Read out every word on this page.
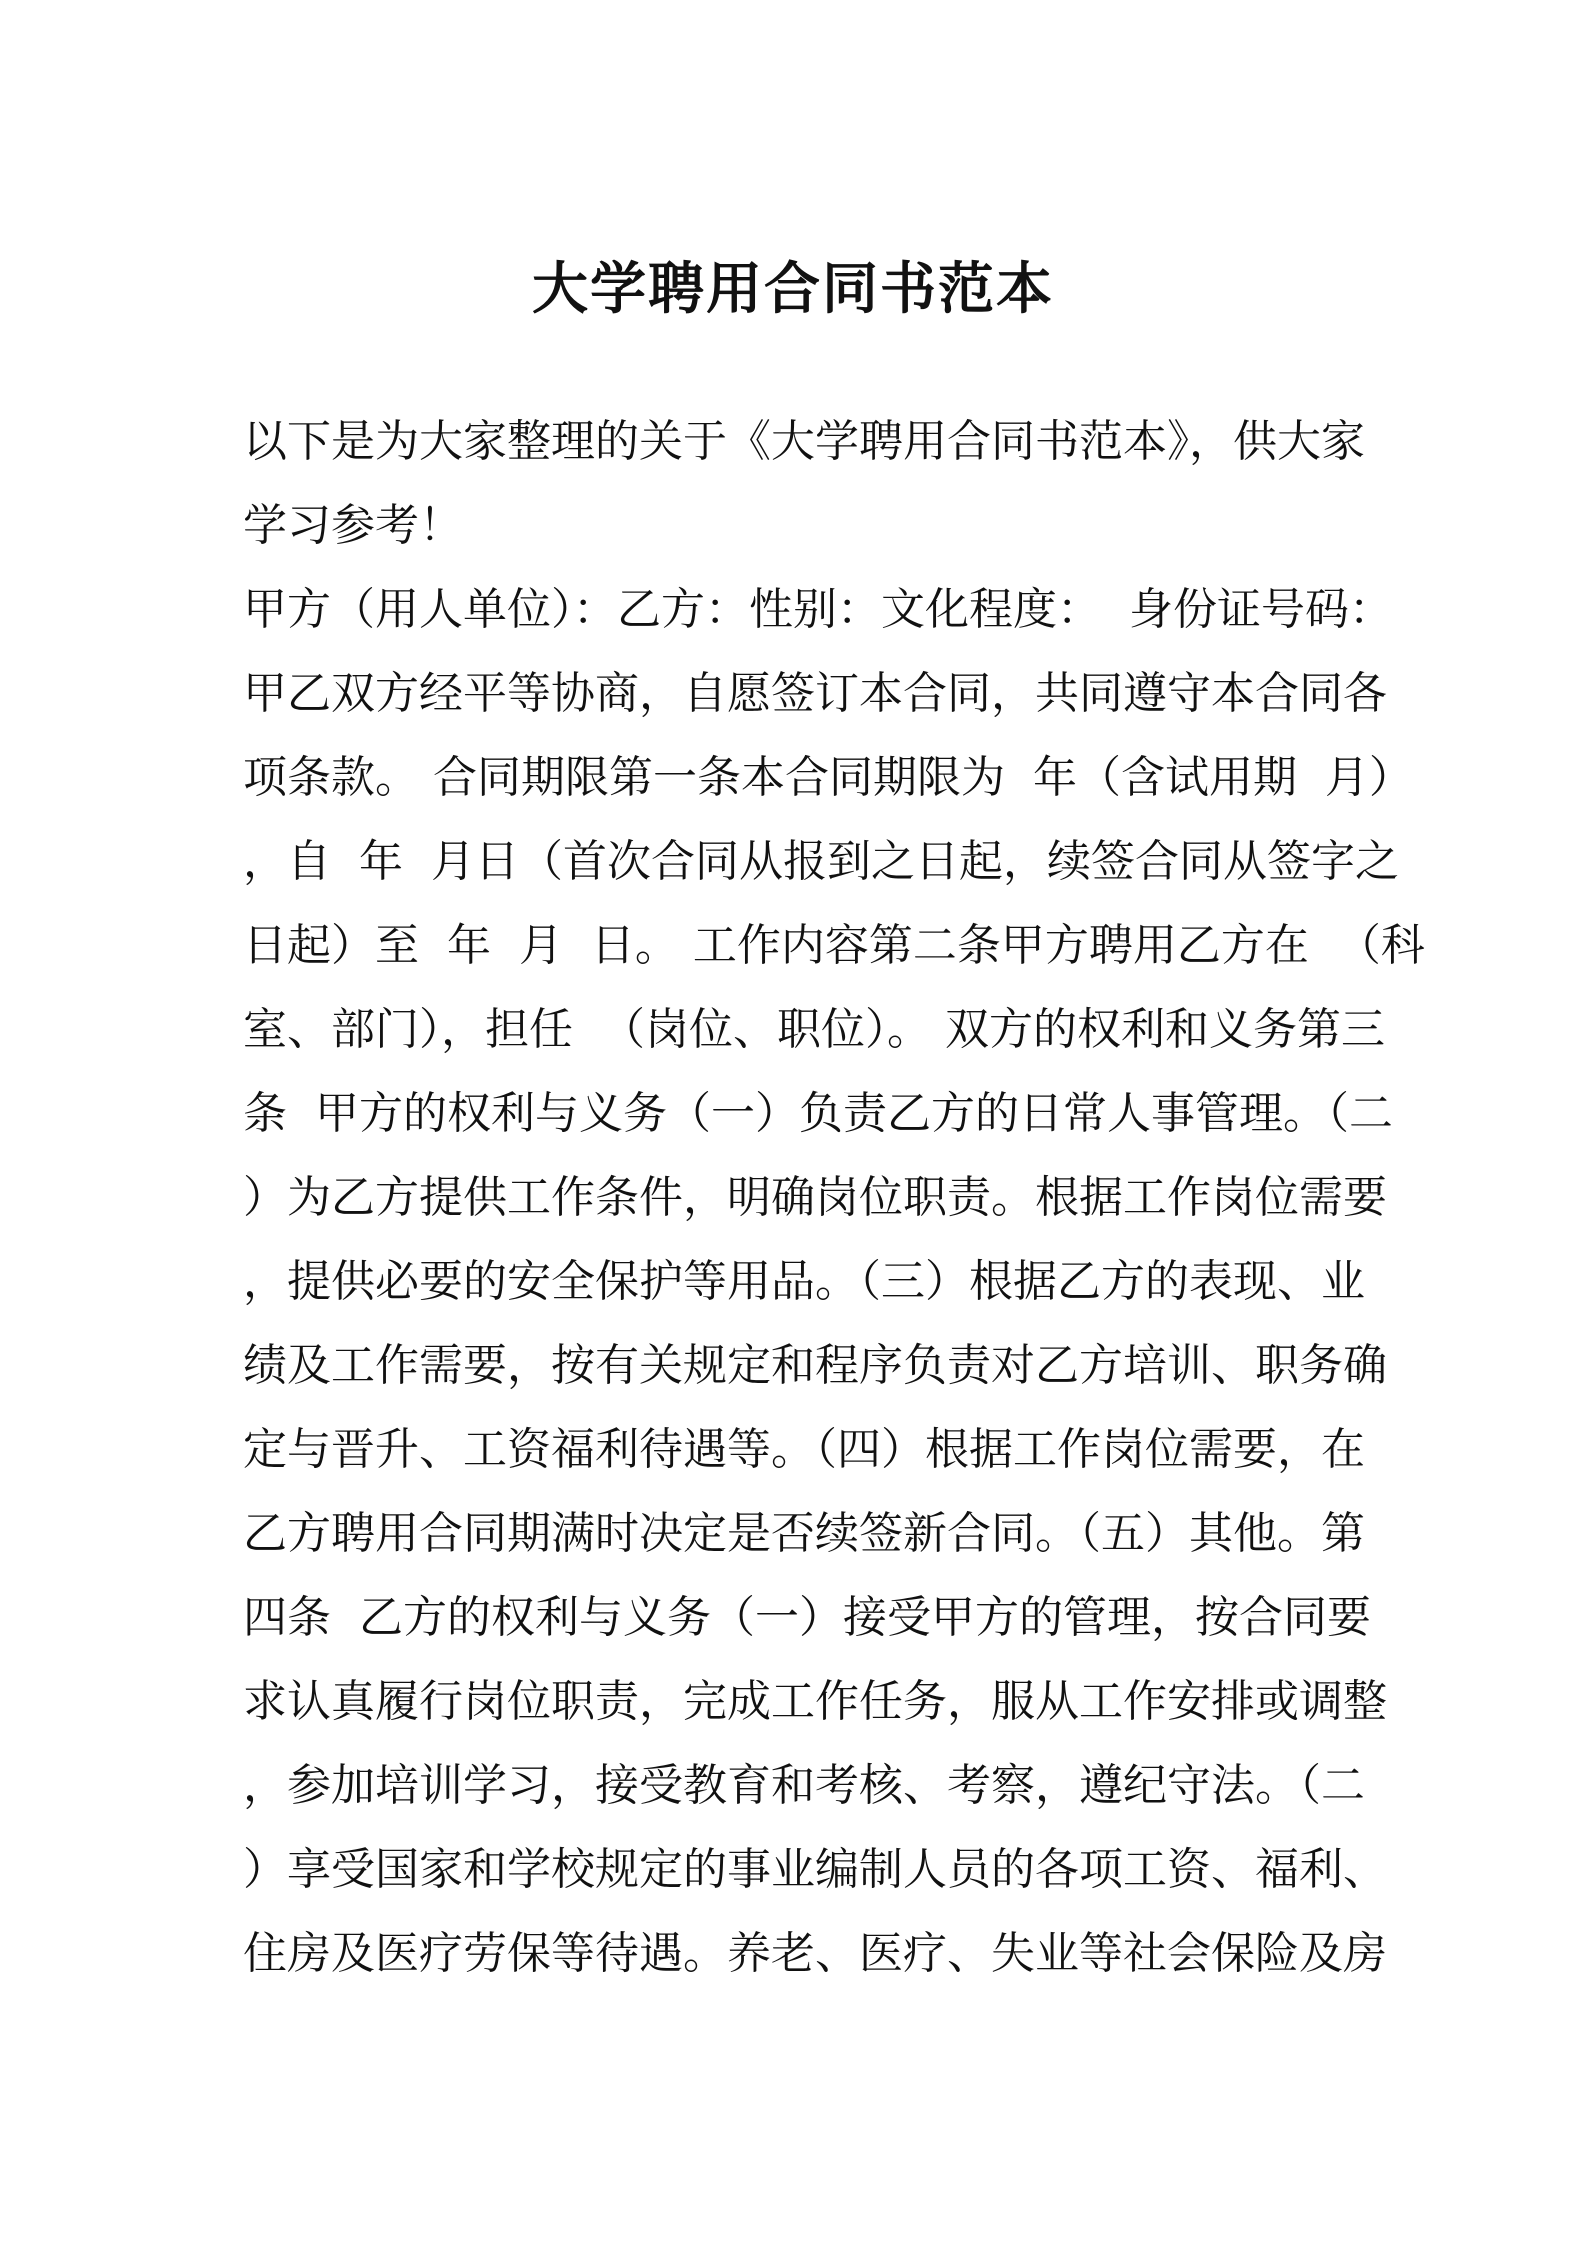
大学聘用合同书范本
以下是为大家整理的关于《大学聘用合同书范本》，供大家
学习参考！
甲方（用人单位）：乙方：性别：文化程度：  身份证号码：
甲乙双方经平等协商，自愿签订本合同，共同遵守本合同各
项条款。 合同期限第一条本合同期限为  年（含试用期  月）
，自  年  月日（首次合同从报到之日起，续签合同从签字之
日起）至  年  月  日。 工作内容第二条甲方聘用乙方在  （科
室、部门），担任  （岗位、职位）。 双方的权利和义务第三
条  甲方的权利与义务（一）负责乙方的日常人事管理。（二
）为乙方提供工作条件，明确岗位职责。根据工作岗位需要
，提供必要的安全保护等用品。（三）根据乙方的表现、业
绩及工作需要，按有关规定和程序负责对乙方培训、职务确
定与晋升、工资福利待遇等。（四）根据工作岗位需要，在
乙方聘用合同期满时决定是否续签新合同。（五）其他。第
四条  乙方的权利与义务（一）接受甲方的管理，按合同要
求认真履行岗位职责，完成工作任务，服从工作安排或调整
，参加培训学习，接受教育和考核、考察，遵纪守法。（二
）享受国家和学校规定的事业编制人员的各项工资、福利、
住房及医疗劳保等待遇。养老、医疗、失业等社会保险及房
